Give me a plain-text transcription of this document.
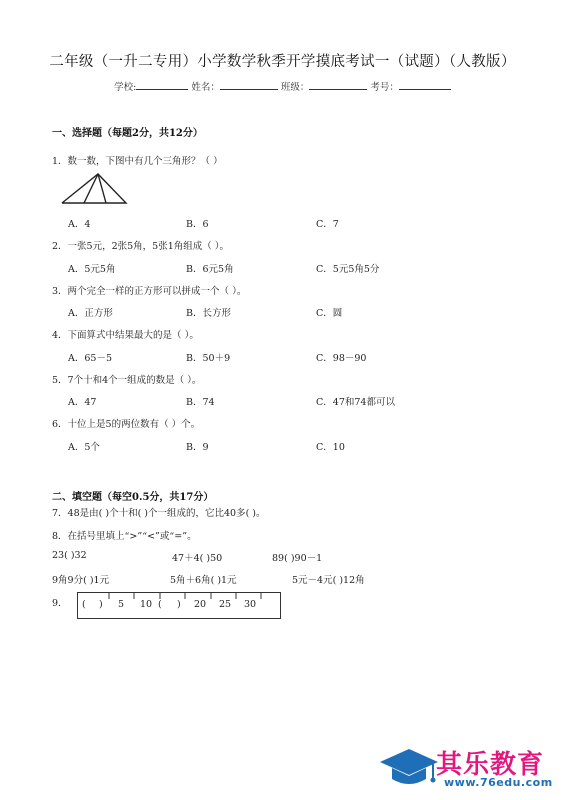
二年级（一升二专用）小学数学秋季开学摸底考试一（试题）（人教版）
学校:	姓名：	班级：	考号：
一、选择题（每题2分，共12分）
1．数一数，下图中有几个三角形？（ ）
A．4	B．6	C．7
2．一张5元，2张5角，5张1角组成（ ）。
A．5元5角	B．6元5角	C．5元5角5分
3．两个完全一样的正方形可以拼成一个（ ）。
A．正方形	B．长方形	C．圆
4．下面算式中结果最大的是（ ）。
A．65－5	B．50＋9	C．98－90
5．7个十和4个一组成的数是（ ）。
A．47	B．74	C．47和74都可以
6．十位上是5的两位数有（ ）个。
A．5个	B．9	C．10
二、填空题（每空0.5分，共17分）
7．48是由( )个十和( )个一组成的，它比40多( )。
8．在括号里填上“>”“<”或“=”。
23( )32	47＋4( )50	89( )90－1
9角9分( )1元	5角＋6角( )1元	5元－4元( )12角
9. ( ) 5 10 ( ) 20 25 30
其乐教育
www.76edu.com
